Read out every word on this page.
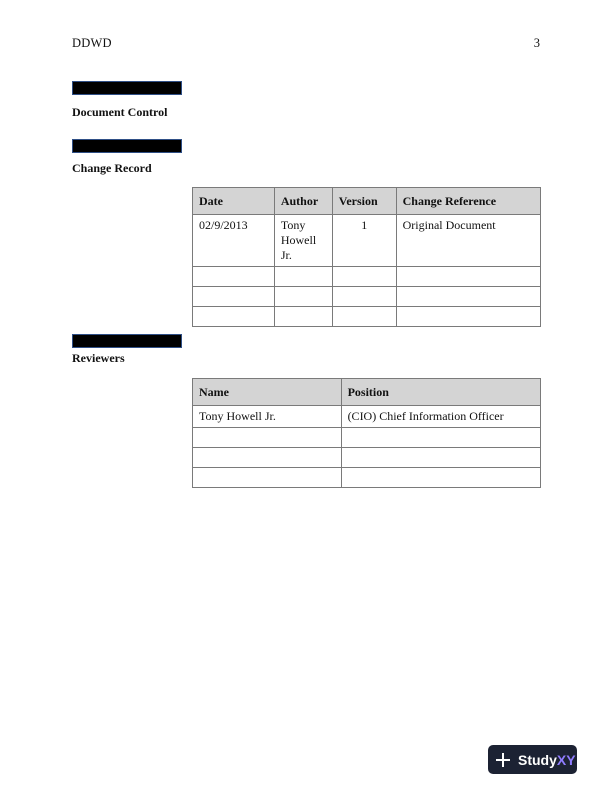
DDWD	3
Document Control
Change Record
Date	Author	Version	Change Reference
02/9/2013	Tony Howell Jr.	1	Original Document

Reviewers
Name	Position
Tony Howell Jr.	(CIO) Chief Information Officer

Study XY
